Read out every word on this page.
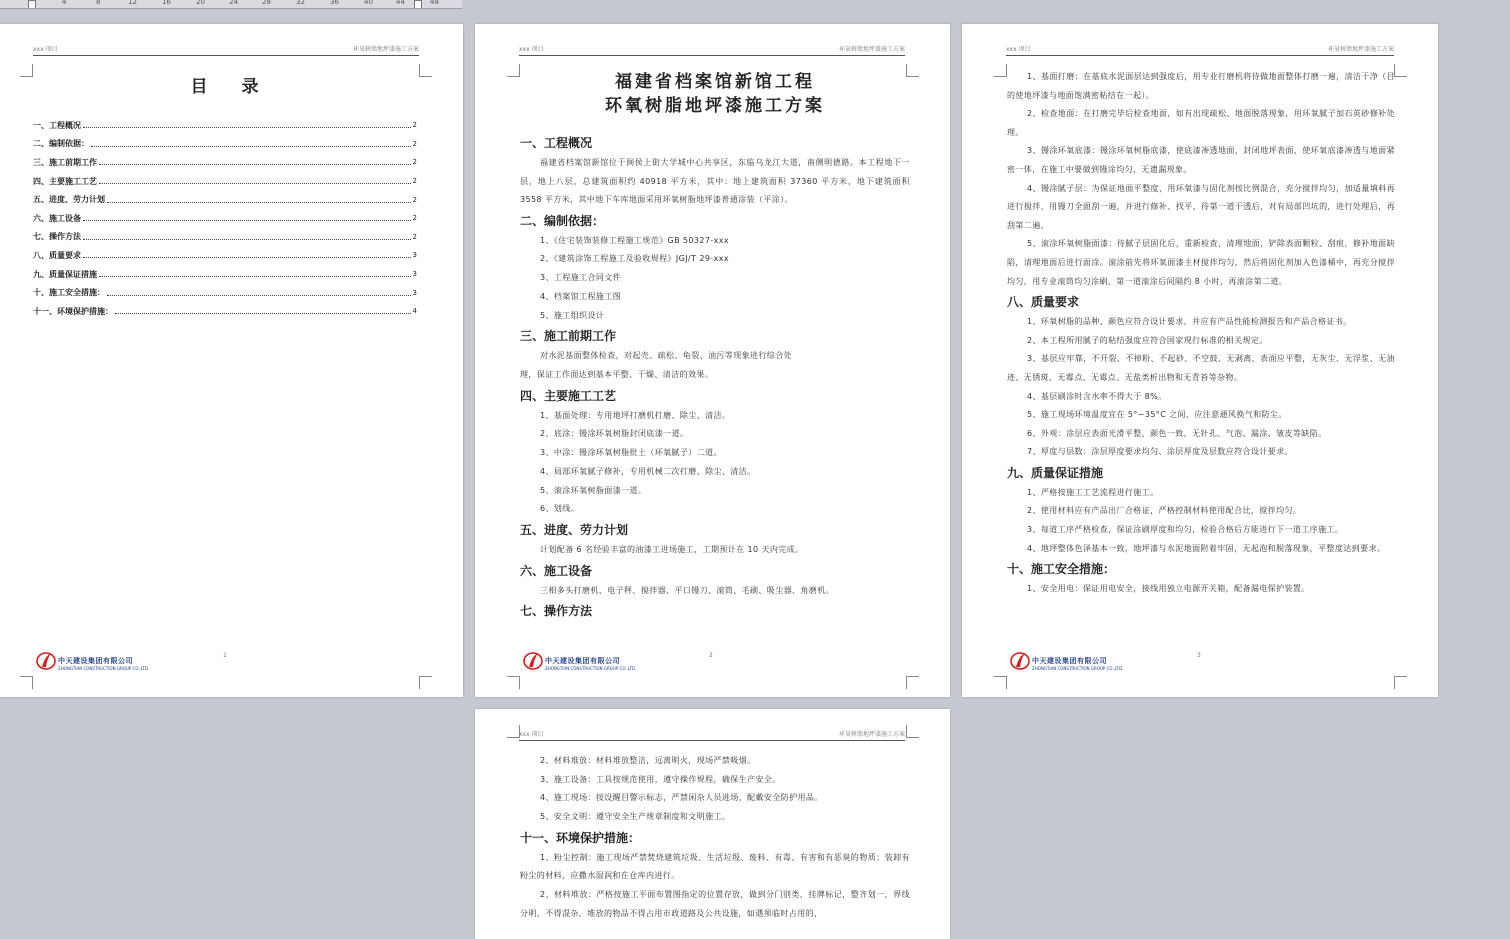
4	8	12	16	20	24	28	32	36	40	44	48
xxx 项目	环氧树脂地坪漆施工方案
目 录
一、工程概况	2
二、编制依据：	2
三、施工前期工作	2
四、主要施工工艺	2
五、进度、劳力计划	2
六、施工设备	2
七、操作方法	2
八、质量要求	3
九、质量保证措施	3
十、施工安全措施：	3
十一、环境保护措施：	4
中天建设集团有限公司
ZHONGTIAN CONSTRUCTION GROUP CO.,LTD.
1
xxx 项目	环氧树脂地坪漆施工方案
福建省档案馆新馆工程
环氧树脂地坪漆施工方案
一、工程概况
福建省档案馆新馆位于闽侯上街大学城中心共享区，东临乌龙江大道，南侧明德路。本工程地下一层，地上八层，总建筑面积约 40918 平方米，其中：地上建筑面积 37360 平方米，地下建筑面积 3558 平方米，其中地下车库地面采用环氧树脂地坪漆普通涂装（平涂）。
二、编制依据：
1、《住宅装饰装修工程施工规范》GB 50327-xxx
2、《建筑涂饰工程施工及验收规程》JGJ/T 29-xxx
3、工程施工合同文件
4、档案馆工程施工图
5、施工组织设计
三、施工前期工作
对水泥基面整体检查，对起壳、疏松、龟裂、油污等现象进行综合处
理，保证工作面达到基本平整、干燥、清洁的效果。
四、主要施工工艺
1、基面处理：专用地坪打磨机打磨、除尘、清洁。
2、底涂：镘涂环氧树脂封闭底漆一道。
3、中涂：镘涂环氧树脂批土（环氧腻子）二道。
4、局部环氧腻子修补，专用机械二次打磨、除尘、清洁。
5、滚涂环氧树脂面漆一道。
6、划线。
五、进度、劳力计划
计划配备 6 名经验丰富的油漆工进场施工，工期预计在 10 天内完成。
六、施工设备
三相多头打磨机、电子秤、搅拌器、平口镘刀、滚筒、毛刷、吸尘器、角磨机。
七、操作方法
中天建设集团有限公司
ZHONGTIAN CONSTRUCTION GROUP CO.,LTD.
2
xxx 项目	环氧树脂地坪漆施工方案
1、基面打磨：在基底水泥面层达到强度后，用专业打磨机将待做地面整体打磨一遍，清洁干净（目的使地坪漆与地面饱满密粘结在一起）。
2、检查地面：在打磨完毕后检查地面，如有出现疏松、地面脱落现象，用环氧腻子加石英砂修补处理。
3、镘涂环氧底漆：镘涂环氧树脂底漆，使底漆渗透地面，封闭地坪表面，使环氧底漆渗透与地面紧密一体，在施工中要做到镘涂均匀，无遗漏现象。
4、镘涂腻子层：为保证地面平整度，用环氧漆与固化剂按比例混合，充分搅拌均匀，加适量填料再进行搅拌，用镘刀全面刮一遍，并进行修补、找平，待第一道干透后，对有局部凹坑的，进行处理后，再刮第二遍。
5、滚涂环氧树脂面漆：待腻子层固化后，重新检查，清理地面，铲除表面颗粒、刮痕，修补地面缺陷，清理地面后进行面涂。滚涂前先将环氧面漆主材搅拌均匀，然后将固化剂加入色漆桶中，再充分搅拌均匀，用专业滚筒均匀涂刷，第一道滚涂后间隔约 8 小时，再滚涂第二道。
八、质量要求
1、环氧树脂的品种、颜色应符合设计要求，并应有产品性能检测报告和产品合格证书。
2、本工程所用腻子的粘结强度应符合国家现行标准的相关规定。
3、基层应牢靠，不开裂、不掉粉、不起砂、不空鼓、无剥离，表面应平整，无灰尘、无浮浆、无油迹、无锈斑、无霉点、无霉点、无盐类析出物和无青苔等杂物。
4、基层刷涂时含水率不得大于 8%。
5、施工现场环境温度宜在 5°~35°C 之间，应注意通风换气和防尘。
6、外观：涂层应表面光滑平整，颜色一致，无针孔、气泡、漏涂、皱皮等缺陷。
7、厚度与层数：涂层厚度要求均匀、涂层厚度及层数应符合设计要求。
九、质量保证措施
1、严格按施工工艺流程进行施工。
2、使用材料应有产品出厂合格证，严格控制材料使用配合比，搅拌均匀。
3、每道工序严格检查，保证涂刷厚度和均匀，检验合格后方能进行下一道工序施工。
4、地坪整体色泽基本一致，地坪漆与水泥地面附着牢固，无起泡和脱落现象，平整度达到要求。
十、施工安全措施：
1、安全用电：保证用电安全，接线用独立电源开关箱，配备漏电保护装置。
中天建设集团有限公司
ZHONGTIAN CONSTRUCTION GROUP CO.,LTD.
3
xxx 项目	环氧树脂地坪漆施工方案
2、材料堆放：材料堆放整洁，远离明火，现场严禁吸烟。
3、施工设备：工具按规范使用，遵守操作规程，确保生产安全。
4、施工现场：按设醒目警示标志，严禁闲杂人员进场，配戴安全防护用品。
5、安全文明：遵守安全生产规章制度和文明施工。
十一、环境保护措施：
1、粉尘控制：施工现场严禁焚烧建筑垃圾、生活垃圾、废料、有毒、有害和有恶臭的物质；装卸有粉尘的材料，应撒水湿润和在仓库内进行。
2、材料堆放：严格按施工平面布置图指定的位置存放，做到分门别类，挂牌标记，整齐划一，界线分明，不得混杂，堆放的物品不得占用市政道路及公共设施，如遇须临时占用的，
